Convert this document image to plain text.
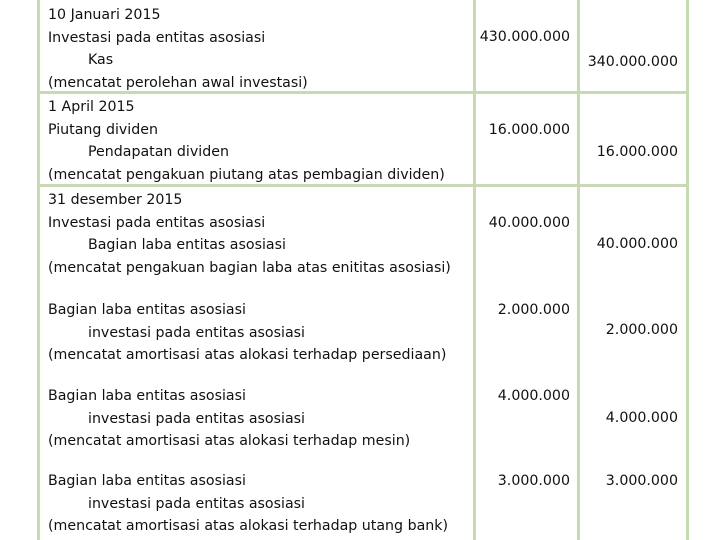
10 Januari 2015
Investasi pada entitas asosiasi
Kas
(mencatat perolehan awal investasi)
430.000.000
340.000.000
1 April 2015
Piutang dividen
Pendapatan dividen
(mencatat pengakuan piutang atas pembagian dividen)
16.000.000
16.000.000
31 desember 2015
Investasi pada entitas asosiasi
Bagian laba entitas asosiasi
(mencatat pengakuan bagian laba atas enititas asosiasi)
40.000.000
40.000.000
Bagian laba entitas asosiasi
investasi pada entitas asosiasi
(mencatat amortisasi atas alokasi terhadap persediaan)
2.000.000
2.000.000
Bagian laba entitas asosiasi
investasi pada entitas asosiasi
(mencatat amortisasi atas alokasi terhadap mesin)
4.000.000
4.000.000
Bagian laba entitas asosiasi
investasi pada entitas asosiasi
(mencatat amortisasi atas alokasi terhadap utang bank)
3.000.000	3.000.000
